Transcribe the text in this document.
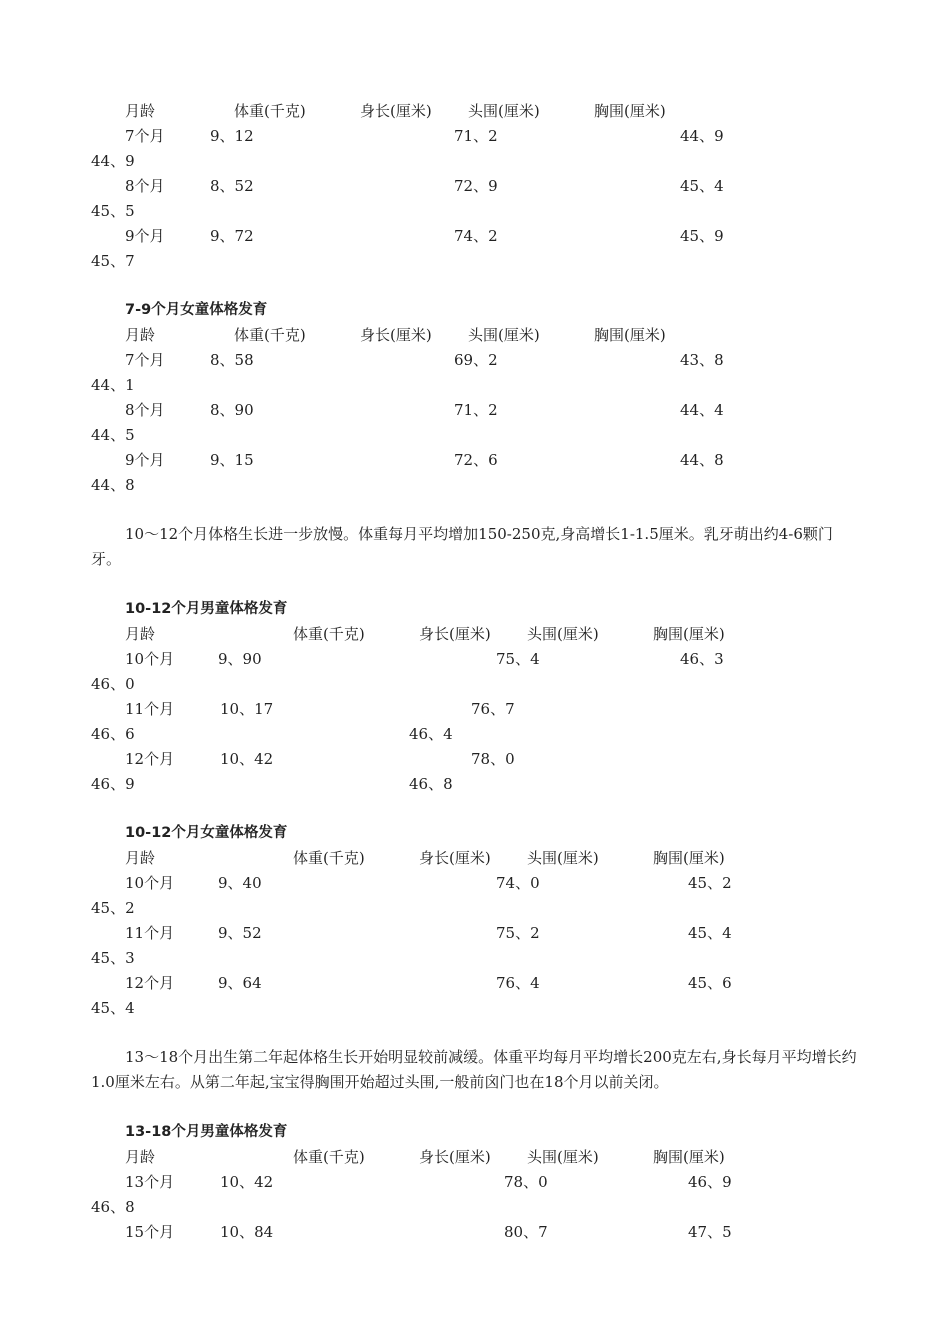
月龄	体重(千克)	身长(厘米) 头围(厘米)	胸围(厘米)
7个月	9、12	71、2	44、9
44、9
8个月	8、52	72、9	45、4
45、5
9个月	9、72	74、2	45、9
45、7
7-9个月女童体格发育
月龄	体重(千克)	身长(厘米) 头围(厘米)	胸围(厘米)
7个月	8、58	69、2	43、8
44、1
8个月	8、90	71、2	44、4
44、5
9个月	9、15	72、6	44、8
44、8
10～12个月体格生长进一步放慢。体重每月平均增加150-250克,身高增长1-1.5厘米。乳牙萌出约4-6颗门牙。
10-12个月男童体格发育
月龄	体重(千克)	身长(厘米) 头围(厘米)	胸围(厘米)
10个月	9、90	75、4	46、3
46、0
11个月	10、17	76、7
46、6	46、4
12个月	10、42	78、0
46、9	46、8
10-12个月女童体格发育
月龄	体重(千克)	身长(厘米) 头围(厘米)	胸围(厘米)
10个月	9、40	74、0	45、2
45、2
11个月	9、52	75、2	45、4
45、3
12个月	9、64	76、4	45、6
45、4
13～18个月出生第二年起体格生长开始明显较前减缓。体重平均每月平均增长200克左右,身长每月平均增长约1.0厘米左右。从第二年起,宝宝得胸围开始超过头围,一般前囟门也在18个月以前关闭。
13-18个月男童体格发育
月龄	体重(千克)	身长(厘米) 头围(厘米)	胸围(厘米)
13个月	10、42	78、0	46、9
46、8
15个月	10、84	80、7	47、5
